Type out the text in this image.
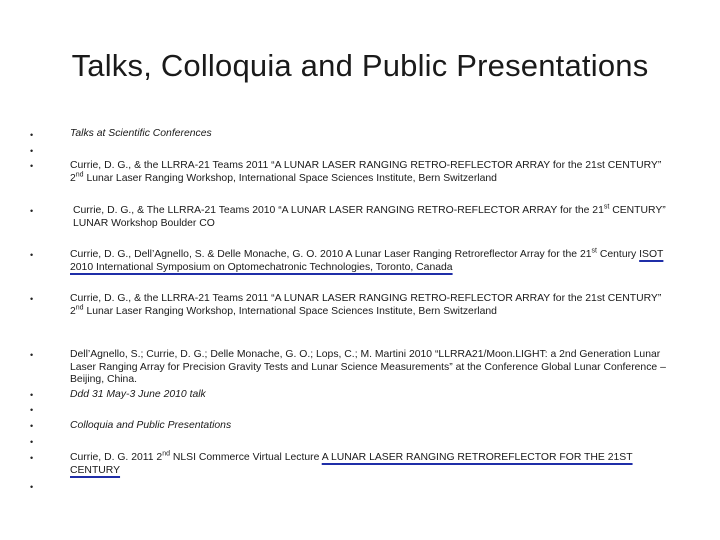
Talks, Colloquia and Public Presentations
•
•
•
•
•
•
•
•
•
•
•
•
•
Talks at Scientific Conferences
Currie, D. G., & the LLRRA-21 Teams 2011 “A LUNAR LASER RANGING RETRO-REFLECTOR ARRAY for the 21st CENTURY” 2nd Lunar Laser Ranging Workshop, International Space Sciences Institute, Bern Switzerland
Currie, D. G., & The LLRRA-21 Teams 2010 “A LUNAR LASER RANGING RETRO-REFLECTOR ARRAY for the 21st CENTURY” LUNAR Workshop Boulder CO
Currie, D. G., Dell’Agnello, S. & Delle Monache, G. O. 2010 A Lunar Laser Ranging Retroreflector Array for the 21st Century ISOT 2010 International Symposium on Optomechatronic Technologies, Toronto, Canada
Currie, D. G., & the LLRRA-21 Teams 2011 “A LUNAR LASER RANGING RETRO-REFLECTOR ARRAY for the 21st CENTURY” 2nd Lunar Laser Ranging Workshop, International Space Sciences Institute, Bern Switzerland
Dell’Agnello, S.; Currie, D. G.; Delle Monache, G. O.; Lops, C.; M. Martini 2010 “LLRRA21/Moon.LIGHT: a 2nd Generation Lunar Laser Ranging Array for Precision Gravity Tests and Lunar Science Measurements” at the Conference Global Lunar Conference – Beijing, China.
Ddd 31 May-3 June 2010 talk
Colloquia and Public Presentations
Currie, D. G. 2011 2nd NLSI Commerce Virtual Lecture A LUNAR LASER RANGING RETROREFLECTOR FOR THE 21ST CENTURY
